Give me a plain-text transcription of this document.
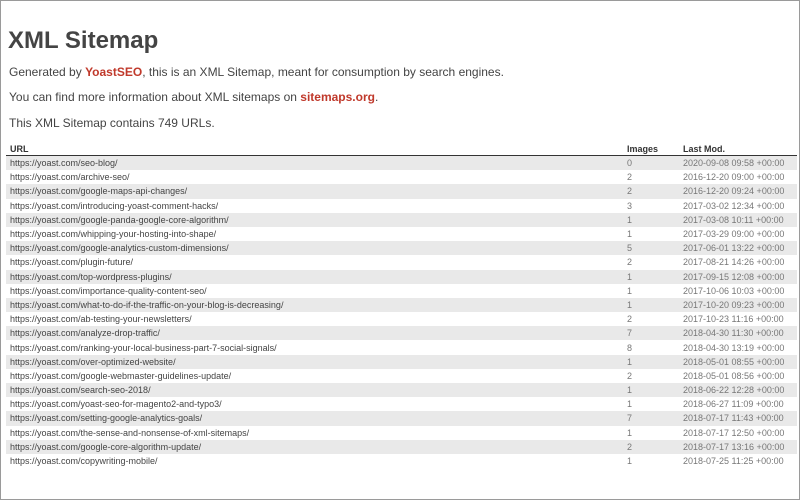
XML Sitemap

Generated by YoastSEO, this is an XML Sitemap, meant for consumption by search engines.

You can find more information about XML sitemaps on sitemaps.org.

This XML Sitemap contains 749 URLs.

URL	Images	Last Mod.
https://yoast.com/seo-blog/	0	2020-09-08 09:58 +00:00
https://yoast.com/archive-seo/	2	2016-12-20 09:00 +00:00
https://yoast.com/google-maps-api-changes/	2	2016-12-20 09:24 +00:00
https://yoast.com/introducing-yoast-comment-hacks/	3	2017-03-02 12:34 +00:00
https://yoast.com/google-panda-google-core-algorithm/	1	2017-03-08 10:11 +00:00
https://yoast.com/whipping-your-hosting-into-shape/	1	2017-03-29 09:00 +00:00
https://yoast.com/google-analytics-custom-dimensions/	5	2017-06-01 13:22 +00:00
https://yoast.com/plugin-future/	2	2017-08-21 14:26 +00:00
https://yoast.com/top-wordpress-plugins/	1	2017-09-15 12:08 +00:00
https://yoast.com/importance-quality-content-seo/	1	2017-10-06 10:03 +00:00
https://yoast.com/what-to-do-if-the-traffic-on-your-blog-is-decreasing/	1	2017-10-20 09:23 +00:00
https://yoast.com/ab-testing-your-newsletters/	2	2017-10-23 11:16 +00:00
https://yoast.com/analyze-drop-traffic/	7	2018-04-30 11:30 +00:00
https://yoast.com/ranking-your-local-business-part-7-social-signals/	8	2018-04-30 13:19 +00:00
https://yoast.com/over-optimized-website/	1	2018-05-01 08:55 +00:00
https://yoast.com/google-webmaster-guidelines-update/	2	2018-05-01 08:56 +00:00
https://yoast.com/search-seo-2018/	1	2018-06-22 12:28 +00:00
https://yoast.com/yoast-seo-for-magento2-and-typo3/	1	2018-06-27 11:09 +00:00
https://yoast.com/setting-google-analytics-goals/	7	2018-07-17 11:43 +00:00
https://yoast.com/the-sense-and-nonsense-of-xml-sitemaps/	1	2018-07-17 12:50 +00:00
https://yoast.com/google-core-algorithm-update/	2	2018-07-17 13:16 +00:00
https://yoast.com/copywriting-mobile/	1	2018-07-25 11:25 +00:00
